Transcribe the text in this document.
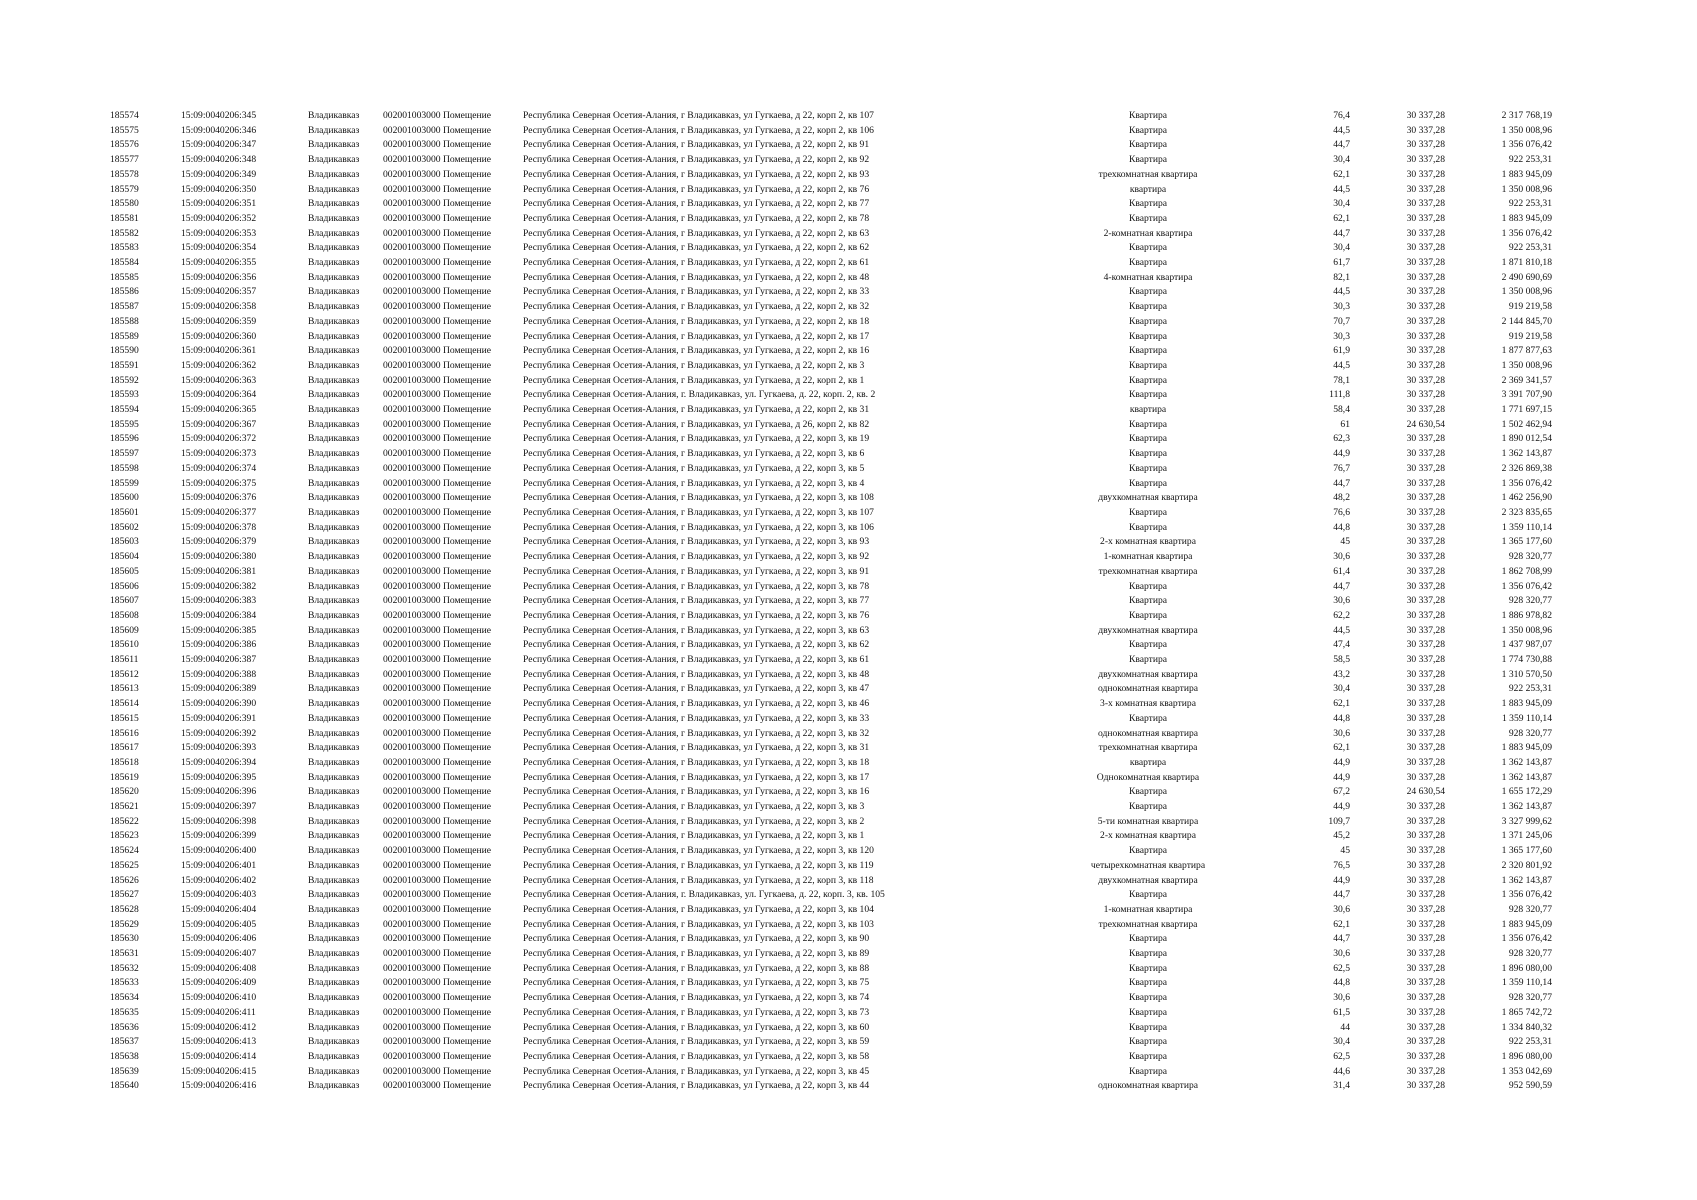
185574	15:09:0040206:345	Владикавказ	002001003000 Помещение	Республика Северная Осетия-Алания, г Владикавказ, ул Гугкаева, д 22, корп 2, кв 107	Квартира	76,4	30 337,28	2 317 768,19
185575	15:09:0040206:346	Владикавказ	002001003000 Помещение	Республика Северная Осетия-Алания, г Владикавказ, ул Гугкаева, д 22, корп 2, кв 106	Квартира	44,5	30 337,28	1 350 008,96
185576	15:09:0040206:347	Владикавказ	002001003000 Помещение	Республика Северная Осетия-Алания, г Владикавказ, ул Гугкаева, д 22, корп 2, кв 91	Квартира	44,7	30 337,28	1 356 076,42
185577	15:09:0040206:348	Владикавказ	002001003000 Помещение	Республика Северная Осетия-Алания, г Владикавказ, ул Гугкаева, д 22, корп 2, кв 92	Квартира	30,4	30 337,28	922 253,31
185578	15:09:0040206:349	Владикавказ	002001003000 Помещение	Республика Северная Осетия-Алания, г Владикавказ, ул Гугкаева, д 22, корп 2, кв 93	трехкомнатная квартира	62,1	30 337,28	1 883 945,09
185579	15:09:0040206:350	Владикавказ	002001003000 Помещение	Республика Северная Осетия-Алания, г Владикавказ, ул Гугкаева, д 22, корп 2, кв 76	квартира	44,5	30 337,28	1 350 008,96
185580	15:09:0040206:351	Владикавказ	002001003000 Помещение	Республика Северная Осетия-Алания, г Владикавказ, ул Гугкаева, д 22, корп 2, кв 77	Квартира	30,4	30 337,28	922 253,31
185581	15:09:0040206:352	Владикавказ	002001003000 Помещение	Республика Северная Осетия-Алания, г Владикавказ, ул Гугкаева, д 22, корп 2, кв 78	Квартира	62,1	30 337,28	1 883 945,09
185582	15:09:0040206:353	Владикавказ	002001003000 Помещение	Республика Северная Осетия-Алания, г Владикавказ, ул Гугкаева, д 22, корп 2, кв 63	2-комнатная квартира	44,7	30 337,28	1 356 076,42
185583	15:09:0040206:354	Владикавказ	002001003000 Помещение	Республика Северная Осетия-Алания, г Владикавказ, ул Гугкаева, д 22, корп 2, кв 62	Квартира	30,4	30 337,28	922 253,31
185584	15:09:0040206:355	Владикавказ	002001003000 Помещение	Республика Северная Осетия-Алания, г Владикавказ, ул Гугкаева, д 22, корп 2, кв 61	Квартира	61,7	30 337,28	1 871 810,18
185585	15:09:0040206:356	Владикавказ	002001003000 Помещение	Республика Северная Осетия-Алания, г Владикавказ, ул Гугкаева, д 22, корп 2, кв 48	4-комнатная квартира	82,1	30 337,28	2 490 690,69
185586	15:09:0040206:357	Владикавказ	002001003000 Помещение	Республика Северная Осетия-Алания, г Владикавказ, ул Гугкаева, д 22, корп 2, кв 33	Квартира	44,5	30 337,28	1 350 008,96
185587	15:09:0040206:358	Владикавказ	002001003000 Помещение	Республика Северная Осетия-Алания, г Владикавказ, ул Гугкаева, д 22, корп 2, кв 32	Квартира	30,3	30 337,28	919 219,58
185588	15:09:0040206:359	Владикавказ	002001003000 Помещение	Республика Северная Осетия-Алания, г Владикавказ, ул Гугкаева, д 22, корп 2, кв 18	Квартира	70,7	30 337,28	2 144 845,70
185589	15:09:0040206:360	Владикавказ	002001003000 Помещение	Республика Северная Осетия-Алания, г Владикавказ, ул Гугкаева, д 22, корп 2, кв 17	Квартира	30,3	30 337,28	919 219,58
185590	15:09:0040206:361	Владикавказ	002001003000 Помещение	Республика Северная Осетия-Алания, г Владикавказ, ул Гугкаева, д 22, корп 2, кв 16	Квартира	61,9	30 337,28	1 877 877,63
185591	15:09:0040206:362	Владикавказ	002001003000 Помещение	Республика Северная Осетия-Алания, г Владикавказ, ул Гугкаева, д 22, корп 2, кв 3	Квартира	44,5	30 337,28	1 350 008,96
185592	15:09:0040206:363	Владикавказ	002001003000 Помещение	Республика Северная Осетия-Алания, г Владикавказ, ул Гугкаева, д 22, корп 2, кв 1	Квартира	78,1	30 337,28	2 369 341,57
185593	15:09:0040206:364	Владикавказ	002001003000 Помещение	Республика Северная Осетия-Алания, г. Владикавказ, ул. Гугкаева, д. 22, корп. 2, кв. 2	Квартира	111,8	30 337,28	3 391 707,90
185594	15:09:0040206:365	Владикавказ	002001003000 Помещение	Республика Северная Осетия-Алания, г Владикавказ, ул Гугкаева, д 22, корп 2, кв 31	квартира	58,4	30 337,28	1 771 697,15
185595	15:09:0040206:367	Владикавказ	002001003000 Помещение	Республика Северная Осетия-Алания, г Владикавказ, ул Гугкаева, д 26, корп 2, кв 82	Квартира	61	24 630,54	1 502 462,94
185596	15:09:0040206:372	Владикавказ	002001003000 Помещение	Республика Северная Осетия-Алания, г Владикавказ, ул Гугкаева, д 22, корп 3, кв 19	Квартира	62,3	30 337,28	1 890 012,54
185597	15:09:0040206:373	Владикавказ	002001003000 Помещение	Республика Северная Осетия-Алания, г Владикавказ, ул Гугкаева, д 22, корп 3, кв 6	Квартира	44,9	30 337,28	1 362 143,87
185598	15:09:0040206:374	Владикавказ	002001003000 Помещение	Республика Северная Осетия-Алания, г Владикавказ, ул Гугкаева, д 22, корп 3, кв 5	Квартира	76,7	30 337,28	2 326 869,38
185599	15:09:0040206:375	Владикавказ	002001003000 Помещение	Республика Северная Осетия-Алания, г Владикавказ, ул Гугкаева, д 22, корп 3, кв 4	Квартира	44,7	30 337,28	1 356 076,42
185600	15:09:0040206:376	Владикавказ	002001003000 Помещение	Республика Северная Осетия-Алания, г Владикавказ, ул Гугкаева, д 22, корп 3, кв 108	двухкомнатная квартира	48,2	30 337,28	1 462 256,90
185601	15:09:0040206:377	Владикавказ	002001003000 Помещение	Республика Северная Осетия-Алания, г Владикавказ, ул Гугкаева, д 22, корп 3, кв 107	Квартира	76,6	30 337,28	2 323 835,65
185602	15:09:0040206:378	Владикавказ	002001003000 Помещение	Республика Северная Осетия-Алания, г Владикавказ, ул Гугкаева, д 22, корп 3, кв 106	Квартира	44,8	30 337,28	1 359 110,14
185603	15:09:0040206:379	Владикавказ	002001003000 Помещение	Республика Северная Осетия-Алания, г Владикавказ, ул Гугкаева, д 22, корп 3, кв 93	2-х комнатная квартира	45	30 337,28	1 365 177,60
185604	15:09:0040206:380	Владикавказ	002001003000 Помещение	Республика Северная Осетия-Алания, г Владикавказ, ул Гугкаева, д 22, корп 3, кв 92	1-комнатная квартира	30,6	30 337,28	928 320,77
185605	15:09:0040206:381	Владикавказ	002001003000 Помещение	Республика Северная Осетия-Алания, г Владикавказ, ул Гугкаева, д 22, корп 3, кв 91	трехкомнатная квартира	61,4	30 337,28	1 862 708,99
185606	15:09:0040206:382	Владикавказ	002001003000 Помещение	Республика Северная Осетия-Алания, г Владикавказ, ул Гугкаева, д 22, корп 3, кв 78	Квартира	44,7	30 337,28	1 356 076,42
185607	15:09:0040206:383	Владикавказ	002001003000 Помещение	Республика Северная Осетия-Алания, г Владикавказ, ул Гугкаева, д 22, корп 3, кв 77	Квартира	30,6	30 337,28	928 320,77
185608	15:09:0040206:384	Владикавказ	002001003000 Помещение	Республика Северная Осетия-Алания, г Владикавказ, ул Гугкаева, д 22, корп 3, кв 76	Квартира	62,2	30 337,28	1 886 978,82
185609	15:09:0040206:385	Владикавказ	002001003000 Помещение	Республика Северная Осетия-Алания, г Владикавказ, ул Гугкаева, д 22, корп 3, кв 63	двухкомнатная квартира	44,5	30 337,28	1 350 008,96
185610	15:09:0040206:386	Владикавказ	002001003000 Помещение	Республика Северная Осетия-Алания, г Владикавказ, ул Гугкаева, д 22, корп 3, кв 62	Квартира	47,4	30 337,28	1 437 987,07
185611	15:09:0040206:387	Владикавказ	002001003000 Помещение	Республика Северная Осетия-Алания, г Владикавказ, ул Гугкаева, д 22, корп 3, кв 61	Квартира	58,5	30 337,28	1 774 730,88
185612	15:09:0040206:388	Владикавказ	002001003000 Помещение	Республика Северная Осетия-Алания, г Владикавказ, ул Гугкаева, д 22, корп 3, кв 48	двухкомнатная квартира	43,2	30 337,28	1 310 570,50
185613	15:09:0040206:389	Владикавказ	002001003000 Помещение	Республика Северная Осетия-Алания, г Владикавказ, ул Гугкаева, д 22, корп 3, кв 47	однокомнатная квартира	30,4	30 337,28	922 253,31
185614	15:09:0040206:390	Владикавказ	002001003000 Помещение	Республика Северная Осетия-Алания, г Владикавказ, ул Гугкаева, д 22, корп 3, кв 46	3-х комнатная квартира	62,1	30 337,28	1 883 945,09
185615	15:09:0040206:391	Владикавказ	002001003000 Помещение	Республика Северная Осетия-Алания, г Владикавказ, ул Гугкаева, д 22, корп 3, кв 33	Квартира	44,8	30 337,28	1 359 110,14
185616	15:09:0040206:392	Владикавказ	002001003000 Помещение	Республика Северная Осетия-Алания, г Владикавказ, ул Гугкаева, д 22, корп 3, кв 32	однокомнатная квартира	30,6	30 337,28	928 320,77
185617	15:09:0040206:393	Владикавказ	002001003000 Помещение	Республика Северная Осетия-Алания, г Владикавказ, ул Гугкаева, д 22, корп 3, кв 31	трехкомнатная квартира	62,1	30 337,28	1 883 945,09
185618	15:09:0040206:394	Владикавказ	002001003000 Помещение	Республика Северная Осетия-Алания, г Владикавказ, ул Гугкаева, д 22, корп 3, кв 18	квартира	44,9	30 337,28	1 362 143,87
185619	15:09:0040206:395	Владикавказ	002001003000 Помещение	Республика Северная Осетия-Алания, г Владикавказ, ул Гугкаева, д 22, корп 3, кв 17	Однокомнатная квартира	44,9	30 337,28	1 362 143,87
185620	15:09:0040206:396	Владикавказ	002001003000 Помещение	Республика Северная Осетия-Алания, г Владикавказ, ул Гугкаева, д 22, корп 3, кв 16	Квартира	67,2	24 630,54	1 655 172,29
185621	15:09:0040206:397	Владикавказ	002001003000 Помещение	Республика Северная Осетия-Алания, г Владикавказ, ул Гугкаева, д 22, корп 3, кв 3	Квартира	44,9	30 337,28	1 362 143,87
185622	15:09:0040206:398	Владикавказ	002001003000 Помещение	Республика Северная Осетия-Алания, г Владикавказ, ул Гугкаева, д 22, корп 3, кв 2	5-ти комнатная квартира	109,7	30 337,28	3 327 999,62
185623	15:09:0040206:399	Владикавказ	002001003000 Помещение	Республика Северная Осетия-Алания, г Владикавказ, ул Гугкаева, д 22, корп 3, кв 1	2-х комнатная квартира	45,2	30 337,28	1 371 245,06
185624	15:09:0040206:400	Владикавказ	002001003000 Помещение	Республика Северная Осетия-Алания, г Владикавказ, ул Гугкаева, д 22, корп 3, кв 120	Квартира	45	30 337,28	1 365 177,60
185625	15:09:0040206:401	Владикавказ	002001003000 Помещение	Республика Северная Осетия-Алания, г Владикавказ, ул Гугкаева, д 22, корп 3, кв 119	четырехкомнатная квартира	76,5	30 337,28	2 320 801,92
185626	15:09:0040206:402	Владикавказ	002001003000 Помещение	Республика Северная Осетия-Алания, г Владикавказ, ул Гугкаева, д 22, корп 3, кв 118	двухкомнатная квартира	44,9	30 337,28	1 362 143,87
185627	15:09:0040206:403	Владикавказ	002001003000 Помещение	Республика Северная Осетия-Алания, г. Владикавказ, ул. Гугкаева, д. 22, корп. 3, кв. 105	Квартира	44,7	30 337,28	1 356 076,42
185628	15:09:0040206:404	Владикавказ	002001003000 Помещение	Республика Северная Осетия-Алания, г Владикавказ, ул Гугкаева, д 22, корп 3, кв 104	1-комнатная квартира	30,6	30 337,28	928 320,77
185629	15:09:0040206:405	Владикавказ	002001003000 Помещение	Республика Северная Осетия-Алания, г Владикавказ, ул Гугкаева, д 22, корп 3, кв 103	трехкомнатная квартира	62,1	30 337,28	1 883 945,09
185630	15:09:0040206:406	Владикавказ	002001003000 Помещение	Республика Северная Осетия-Алания, г Владикавказ, ул Гугкаева, д 22, корп 3, кв 90	Квартира	44,7	30 337,28	1 356 076,42
185631	15:09:0040206:407	Владикавказ	002001003000 Помещение	Республика Северная Осетия-Алания, г Владикавказ, ул Гугкаева, д 22, корп 3, кв 89	Квартира	30,6	30 337,28	928 320,77
185632	15:09:0040206:408	Владикавказ	002001003000 Помещение	Республика Северная Осетия-Алания, г Владикавказ, ул Гугкаева, д 22, корп 3, кв 88	Квартира	62,5	30 337,28	1 896 080,00
185633	15:09:0040206:409	Владикавказ	002001003000 Помещение	Республика Северная Осетия-Алания, г Владикавказ, ул Гугкаева, д 22, корп 3, кв 75	Квартира	44,8	30 337,28	1 359 110,14
185634	15:09:0040206:410	Владикавказ	002001003000 Помещение	Республика Северная Осетия-Алания, г Владикавказ, ул Гугкаева, д 22, корп 3, кв 74	Квартира	30,6	30 337,28	928 320,77
185635	15:09:0040206:411	Владикавказ	002001003000 Помещение	Республика Северная Осетия-Алания, г Владикавказ, ул Гугкаева, д 22, корп 3, кв 73	Квартира	61,5	30 337,28	1 865 742,72
185636	15:09:0040206:412	Владикавказ	002001003000 Помещение	Республика Северная Осетия-Алания, г Владикавказ, ул Гугкаева, д 22, корп 3, кв 60	Квартира	44	30 337,28	1 334 840,32
185637	15:09:0040206:413	Владикавказ	002001003000 Помещение	Республика Северная Осетия-Алания, г Владикавказ, ул Гугкаева, д 22, корп 3, кв 59	Квартира	30,4	30 337,28	922 253,31
185638	15:09:0040206:414	Владикавказ	002001003000 Помещение	Республика Северная Осетия-Алания, г Владикавказ, ул Гугкаева, д 22, корп 3, кв 58	Квартира	62,5	30 337,28	1 896 080,00
185639	15:09:0040206:415	Владикавказ	002001003000 Помещение	Республика Северная Осетия-Алания, г Владикавказ, ул Гугкаева, д 22, корп 3, кв 45	Квартира	44,6	30 337,28	1 353 042,69
185640	15:09:0040206:416	Владикавказ	002001003000 Помещение	Республика Северная Осетия-Алания, г Владикавказ, ул Гугкаева, д 22, корп 3, кв 44	однокомнатная квартира	31,4	30 337,28	952 590,59
